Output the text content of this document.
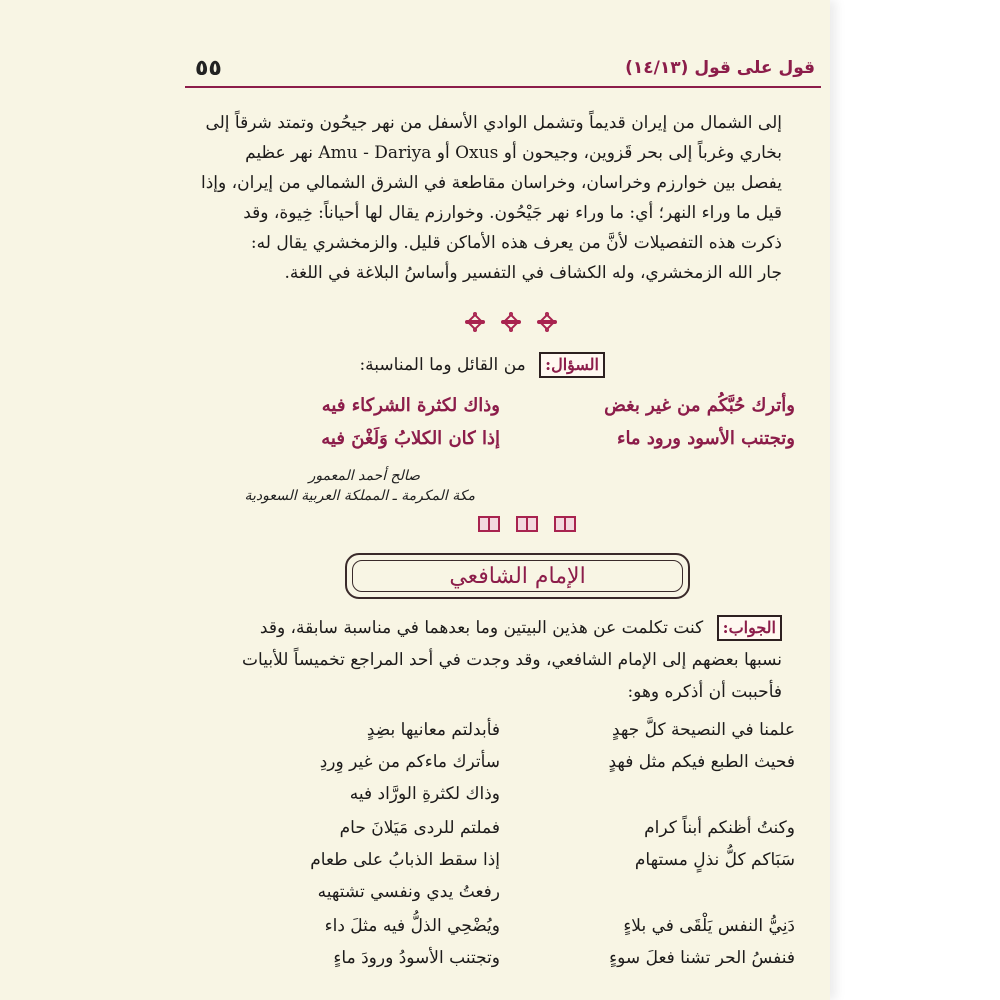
٥٥	قول على قول (١٤/١٣)
إلى الشمال من إيران قديماً وتشمل الوادي الأسفل من نهر جيحُون وتمتد شرقاً إلى
بخاري وغرباً إلى بحر قَزوين، وجيحون أو Oxus أو Amu - Dariya نهر عظيم
يفصل بين خوارزم وخراسان، وخراسان مقاطعة في الشرق الشمالي من إيران، وإذا
قيل ما وراء النهر؛ أي: ما وراء نهر جَيْحُون. وخوارزم يقال لها أحياناً: خِيوة، وقد
ذكرت هذه التفصيلات لأنَّ من يعرف هذه الأماكن قليل. والزمخشري يقال له:
جار الله الزمخشري، وله الكشاف في التفسير وأساسُ البلاغة في اللغة.
السؤال: من القائل وما المناسبة:
وأترك حُبَّكُم من غير بغض
وذاك لكثرة الشركاء فيه
وتجتنب الأسود ورود ماء
إذا كان الكلابُ وَلَغْنَ فيه
صالح أحمد المعمور
مكة المكرمة ـ المملكة العربية السعودية
الإمام الشافعي
الجواب: كنت تكلمت عن هذين البيتين وما بعدهما في مناسبة سابقة، وقد
نسبها بعضهم إلى الإمام الشافعي، وقد وجدت في أحد المراجع تخميساً للأبيات
فأحببت أن أذكره وهو:
علمنا في النصيحة كلَّ جهدٍ
فأبدلتم معانيها بضِدٍ
فحيث الطبع فيكم مثل فهدٍ
سأترك ماءكم من غير وِردِ
وذاك لكثرةِ الورَّاد فيه
وكنتُ أظنكم أبناً كرام
فملتم للردى مَيَلانَ حام
سَبَاكم كلُّ نذلٍ مستهام
إذا سقط الذبابُ على طعام
رفعتُ يدي ونفسي تشتهيه
دَنِيُّ النفس يَلْقَى في بلاءٍ
ويُضْحِي الذلُّ فيه مثلَ داء
فنفسُ الحر تشنا فعلَ سوءٍ
وتجتنب الأسودُ ورودَ ماءٍ
